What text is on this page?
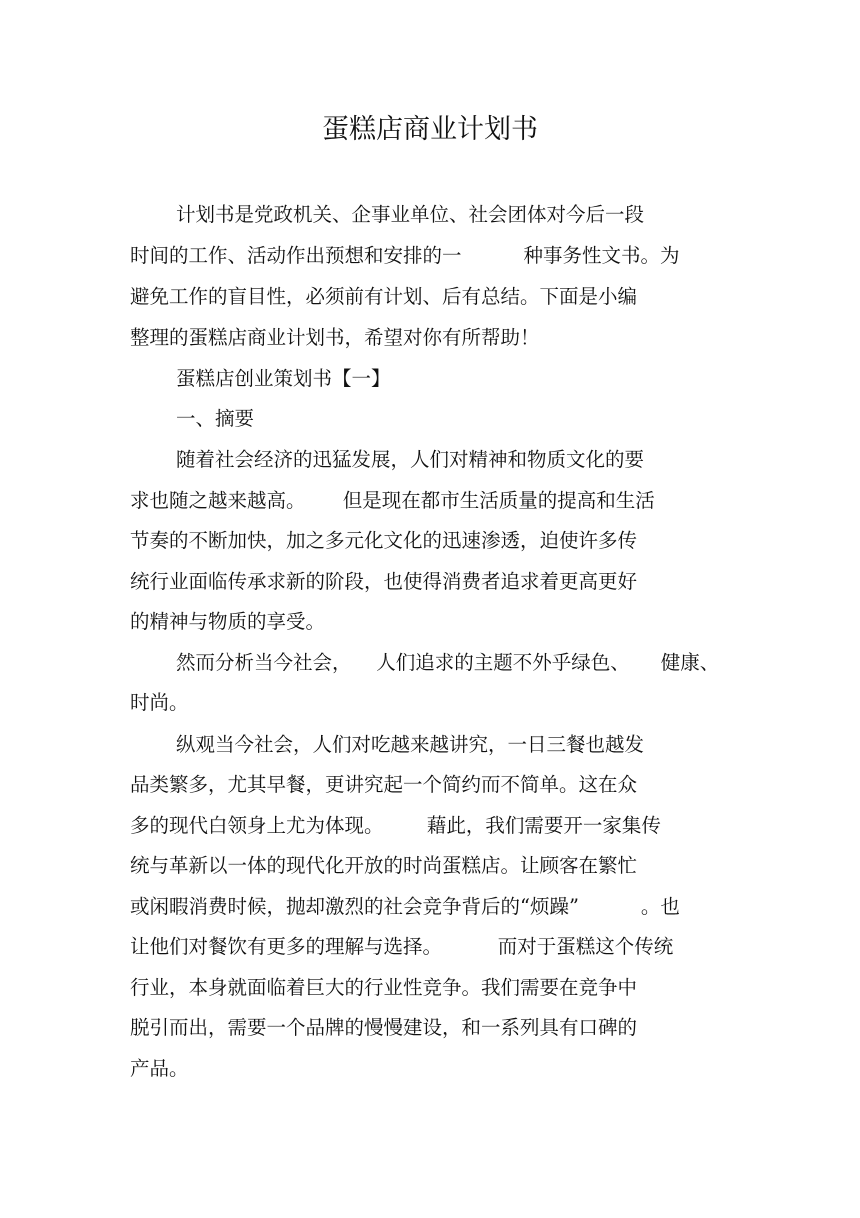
蛋糕店商业计划书
计划书是党政机关、企事业单位、社会团体对今后一段
时间的工作、活动作出预想和安排的一          种事务性文书。为
避免工作的盲目性，必须前有计划、后有总结。下面是小编
整理的蛋糕店商业计划书，希望对你有所帮助！
蛋糕店创业策划书【一】
一、摘要
随着社会经济的迅猛发展，人们对精神和物质文化的要
求也随之越来越高。      但是现在都市生活质量的提高和生活
节奏的不断加快，加之多元化文化的迅速渗透，迫使许多传
统行业面临传承求新的阶段，也使得消费者追求着更高更好
的精神与物质的享受。
然而分析当今社会，    人们追求的主题不外乎绿色、     健康、
时尚。
纵观当今社会，人们对吃越来越讲究，一日三餐也越发
品类繁多，尤其早餐，更讲究起一个简约而不简单。这在众
多的现代白领身上尤为体现。       藉此，我们需要开一家集传
统与革新以一体的现代化开放的时尚蛋糕店。让顾客在繁忙
或闲暇消费时候，抛却激烈的社会竞争背后的“烦躁”          。也
让他们对餐饮有更多的理解与选择。         而对于蛋糕这个传统
行业，本身就面临着巨大的行业性竞争。我们需要在竞争中
脱引而出，需要一个品牌的慢慢建设，和一系列具有口碑的
产品。
